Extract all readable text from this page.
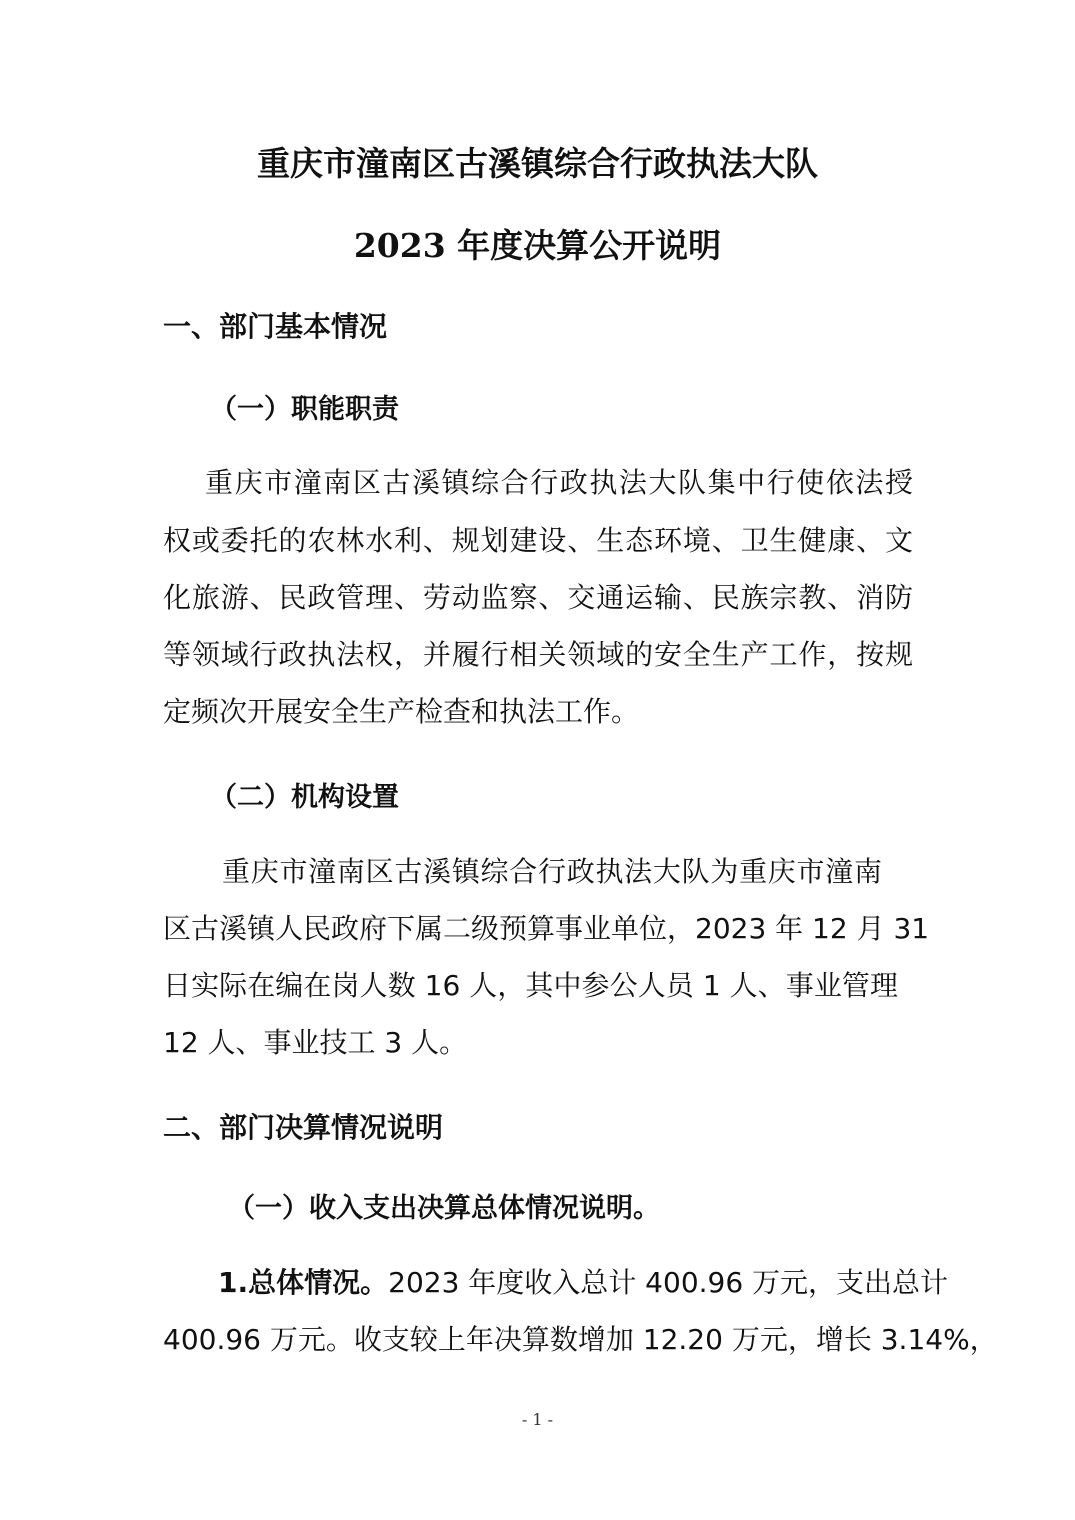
重庆市潼南区古溪镇综合行政执法大队
2023 年度决算公开说明
一、部门基本情况
（一）职能职责
重庆市潼南区古溪镇综合行政执法大队集中行使依法授
权或委托的农林水利、规划建设、生态环境、卫生健康、文
化旅游、民政管理、劳动监察、交通运输、民族宗教、消防
等领域行政执法权，并履行相关领域的安全生产工作，按规
定频次开展安全生产检查和执法工作。
（二）机构设置
重庆市潼南区古溪镇综合行政执法大队为重庆市潼南
区古溪镇人民政府下属二级预算事业单位，2023 年 12 月 31
日实际在编在岗人数 16 人，其中参公人员 1 人、事业管理
12 人、事业技工 3 人。
二、部门决算情况说明
（一）收入支出决算总体情况说明。
1.总体情况。2023 年度收入总计 400.96 万元，支出总计
400.96 万元。收支较上年决算数增加 12.20 万元，增长 3.14%，
- 1 -
